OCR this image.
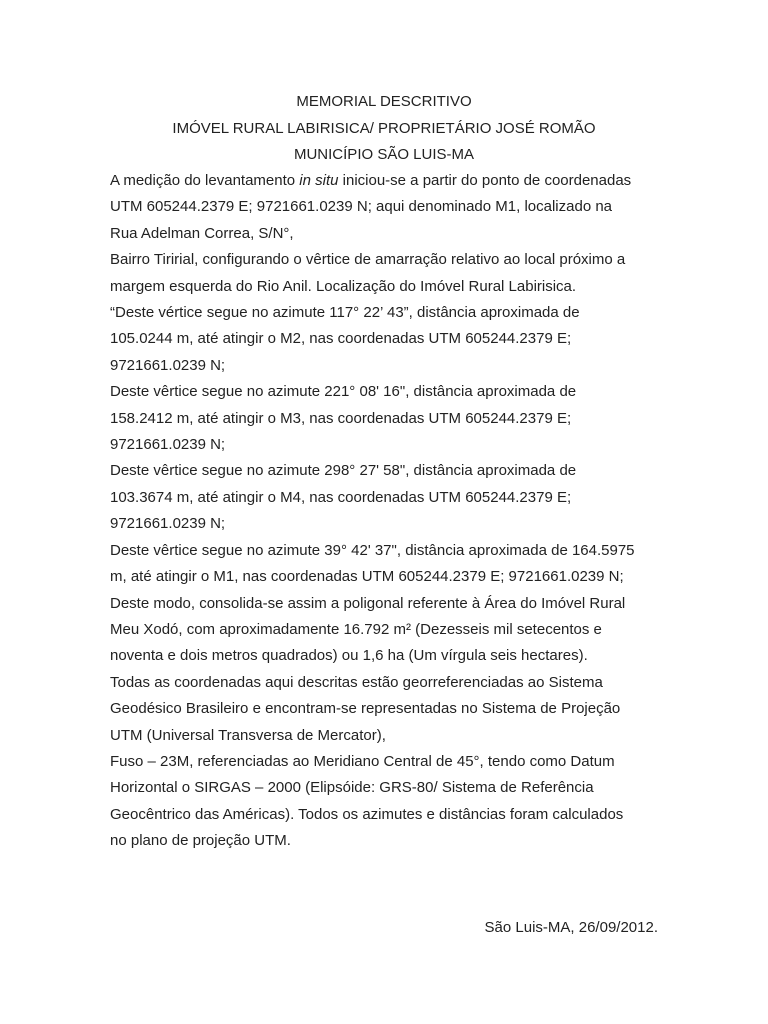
MEMORIAL DESCRITIVO
IMÓVEL RURAL LABIRISICA/ PROPRIETÁRIO JOSÉ ROMÃO
MUNICÍPIO SÃO LUIS-MA
A medição do levantamento in situ iniciou-se a partir do ponto de coordenadas
UTM 605244.2379 E; 9721661.0239 N; aqui denominado M1, localizado na
Rua Adelman Correa, S/N°,
Bairro Tiririal, configurando o vêrtice de amarração relativo ao local próximo a
margem esquerda do Rio Anil. Localização do Imóvel Rural Labirisica.
“Deste vértice segue no azimute 117° 22’ 43”, distância aproximada de
105.0244 m, até atingir o M2, nas coordenadas UTM 605244.2379 E;
9721661.0239 N;
Deste vêrtice segue no azimute 221° 08' 16", distância aproximada de
158.2412 m, até atingir o M3, nas coordenadas UTM 605244.2379 E;
9721661.0239 N;
Deste vêrtice segue no azimute 298° 27' 58", distância aproximada de
103.3674 m, até atingir o M4, nas coordenadas UTM 605244.2379 E;
9721661.0239 N;
Deste vêrtice segue no azimute 39° 42' 37", distância aproximada de 164.5975
m, até atingir o M1, nas coordenadas UTM 605244.2379 E; 9721661.0239 N;
Deste modo, consolida-se assim a poligonal referente à Área do Imóvel Rural
Meu Xodó, com aproximadamente 16.792 m² (Dezesseis mil setecentos e
noventa e dois metros quadrados) ou 1,6 ha (Um vírgula seis hectares).
Todas as coordenadas aqui descritas estão georreferenciadas ao Sistema
Geodésico Brasileiro e encontram-se representadas no Sistema de Projeção
UTM (Universal Transversa de Mercator),
Fuso – 23M, referenciadas ao Meridiano Central de 45°, tendo como Datum
Horizontal o SIRGAS – 2000 (Elipsóide: GRS-80/ Sistema de Referência
Geocêntrico das Américas). Todos os azimutes e distâncias foram calculados
no plano de projeção UTM.
São Luis-MA, 26/09/2012.
